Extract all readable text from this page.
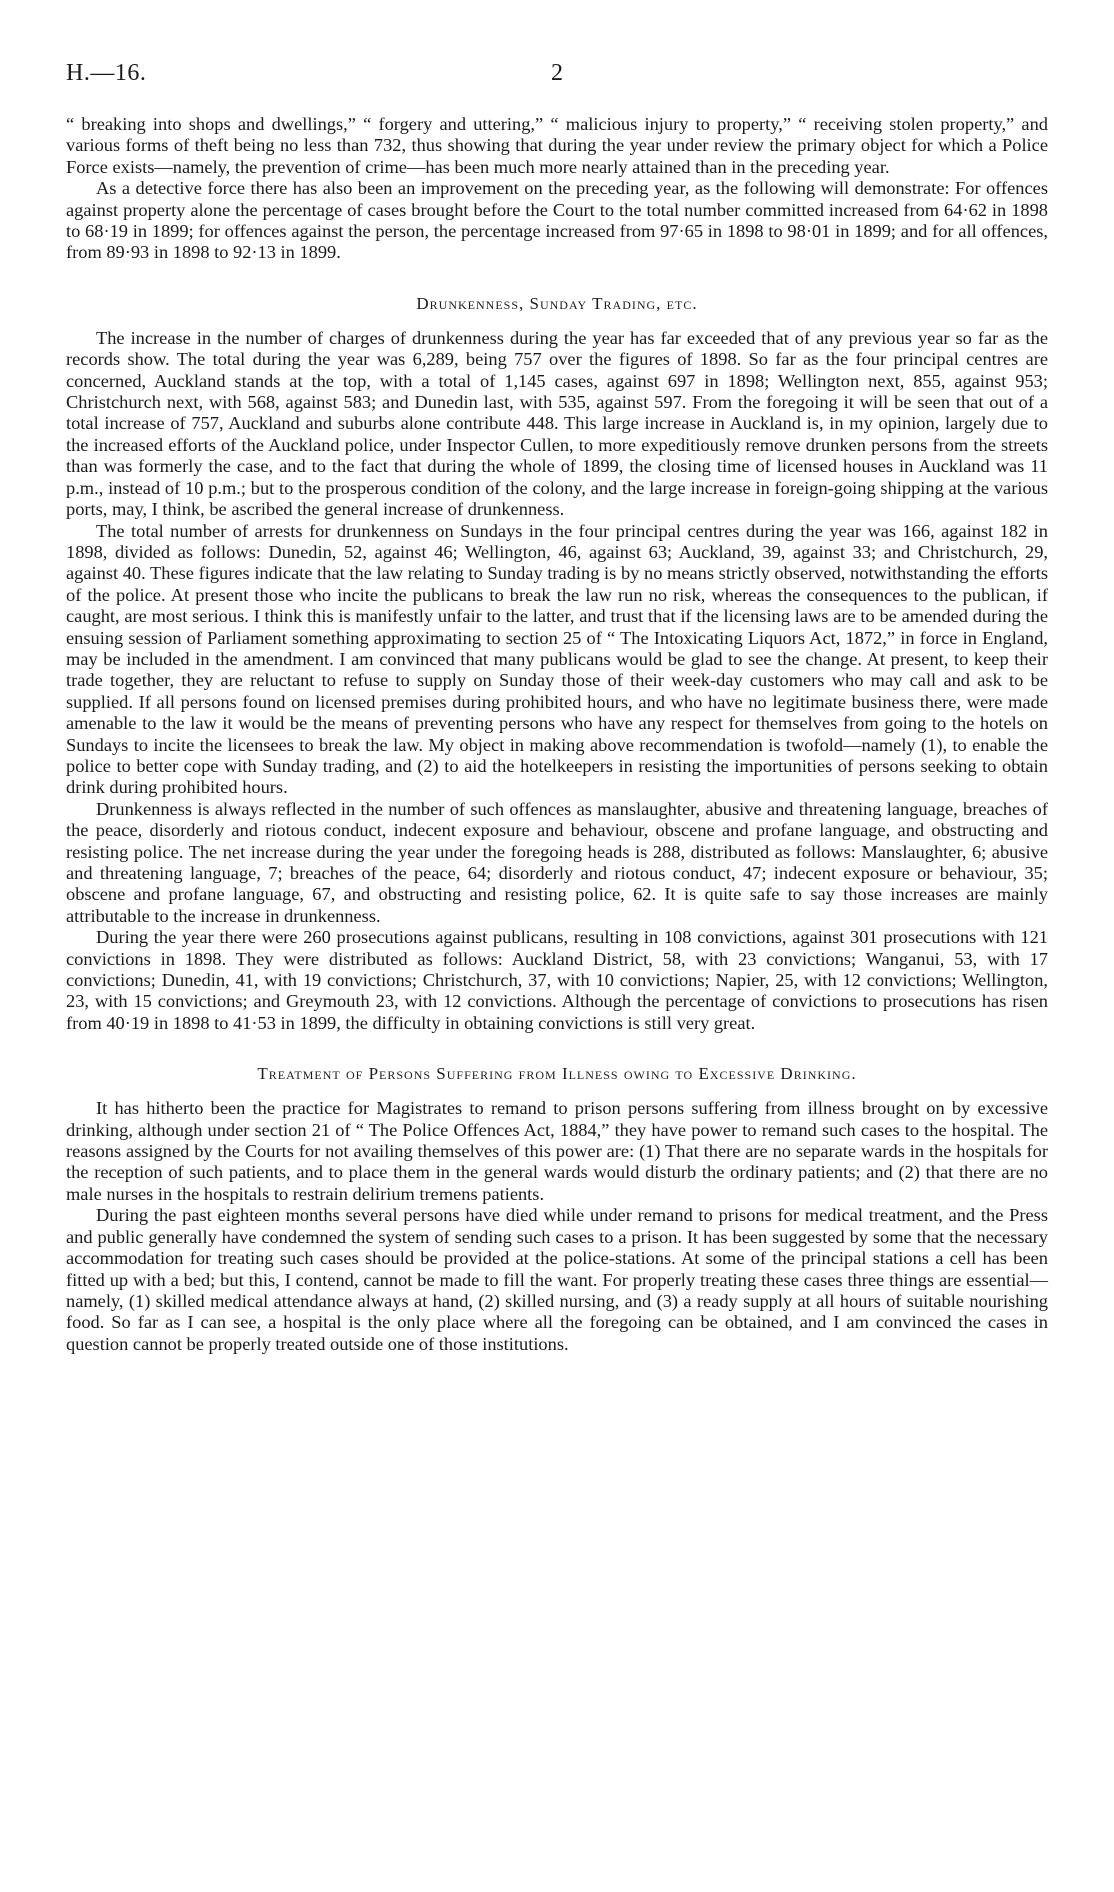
H.—16.	2

“ breaking into shops and dwellings,” “ forgery and uttering,” “ malicious injury to property,” “ receiving stolen property,” and various forms of theft being no less than 732, thus showing that during the year under review the primary object for which a Police Force exists—namely, the prevention of crime—has been much more nearly attained than in the preceding year.

As a detective force there has also been an improvement on the preceding year, as the following will demonstrate: For offences against property alone the percentage of cases brought before the Court to the total number committed increased from 64·62 in 1898 to 68·19 in 1899; for offences against the person, the percentage increased from 97·65 in 1898 to 98·01 in 1899; and for all offences, from 89·93 in 1898 to 92·13 in 1899.

Drunkenness, Sunday Trading, etc.

The increase in the number of charges of drunkenness during the year has far exceeded that of any previous year so far as the records show. The total during the year was 6,289, being 757 over the figures of 1898. So far as the four principal centres are concerned, Auckland stands at the top, with a total of 1,145 cases, against 697 in 1898; Wellington next, 855, against 953; Christchurch next, with 568, against 583; and Dunedin last, with 535, against 597. From the foregoing it will be seen that out of a total increase of 757, Auckland and suburbs alone contribute 448. This large increase in Auckland is, in my opinion, largely due to the increased efforts of the Auckland police, under Inspector Cullen, to more expeditiously remove drunken persons from the streets than was formerly the case, and to the fact that during the whole of 1899, the closing time of licensed houses in Auckland was 11 p.m., instead of 10 p.m.; but to the prosperous condition of the colony, and the large increase in foreign-going shipping at the various ports, may, I think, be ascribed the general increase of drunkenness.

The total number of arrests for drunkenness on Sundays in the four principal centres during the year was 166, against 182 in 1898, divided as follows: Dunedin, 52, against 46; Wellington, 46, against 63; Auckland, 39, against 33; and Christchurch, 29, against 40. These figures indicate that the law relating to Sunday trading is by no means strictly observed, notwithstanding the efforts of the police. At present those who incite the publicans to break the law run no risk, whereas the consequences to the publican, if caught, are most serious. I think this is manifestly unfair to the latter, and trust that if the licensing laws are to be amended during the ensuing session of Parliament something approximating to section 25 of “ The Intoxicating Liquors Act, 1872,” in force in England, may be included in the amendment. I am convinced that many publicans would be glad to see the change. At present, to keep their trade together, they are reluctant to refuse to supply on Sunday those of their week-day customers who may call and ask to be supplied. If all persons found on licensed premises during prohibited hours, and who have no legitimate business there, were made amenable to the law it would be the means of preventing persons who have any respect for themselves from going to the hotels on Sundays to incite the licensees to break the law. My object in making above recommendation is twofold—namely (1), to enable the police to better cope with Sunday trading, and (2) to aid the hotelkeepers in resisting the importunities of persons seeking to obtain drink during prohibited hours.

Drunkenness is always reflected in the number of such offences as manslaughter, abusive and threatening language, breaches of the peace, disorderly and riotous conduct, indecent exposure and behaviour, obscene and profane language, and obstructing and resisting police. The net increase during the year under the foregoing heads is 288, distributed as follows: Manslaughter, 6; abusive and threatening language, 7; breaches of the peace, 64; disorderly and riotous conduct, 47; indecent exposure or behaviour, 35; obscene and profane language, 67, and obstructing and resisting police, 62. It is quite safe to say those increases are mainly attributable to the increase in drunkenness.

During the year there were 260 prosecutions against publicans, resulting in 108 convictions, against 301 prosecutions with 121 convictions in 1898. They were distributed as follows: Auckland District, 58, with 23 convictions; Wanganui, 53, with 17 convictions; Dunedin, 41, with 19 convictions; Christchurch, 37, with 10 convictions; Napier, 25, with 12 convictions; Wellington, 23, with 15 convictions; and Greymouth 23, with 12 convictions. Although the percentage of convictions to prosecutions has risen from 40·19 in 1898 to 41·53 in 1899, the difficulty in obtaining convictions is still very great.

Treatment of Persons Suffering from Illness owing to Excessive Drinking.

It has hitherto been the practice for Magistrates to remand to prison persons suffering from illness brought on by excessive drinking, although under section 21 of “ The Police Offences Act, 1884,” they have power to remand such cases to the hospital. The reasons assigned by the Courts for not availing themselves of this power are: (1) That there are no separate wards in the hospitals for the reception of such patients, and to place them in the general wards would disturb the ordinary patients; and (2) that there are no male nurses in the hospitals to restrain delirium tremens patients.

During the past eighteen months several persons have died while under remand to prisons for medical treatment, and the Press and public generally have condemned the system of sending such cases to a prison. It has been suggested by some that the necessary accommodation for treating such cases should be provided at the police-stations. At some of the principal stations a cell has been fitted up with a bed; but this, I contend, cannot be made to fill the want. For properly treating these cases three things are essential—namely, (1) skilled medical attendance always at hand, (2) skilled nursing, and (3) a ready supply at all hours of suitable nourishing food. So far as I can see, a hospital is the only place where all the foregoing can be obtained, and I am convinced the cases in question cannot be properly treated outside one of those institutions.
